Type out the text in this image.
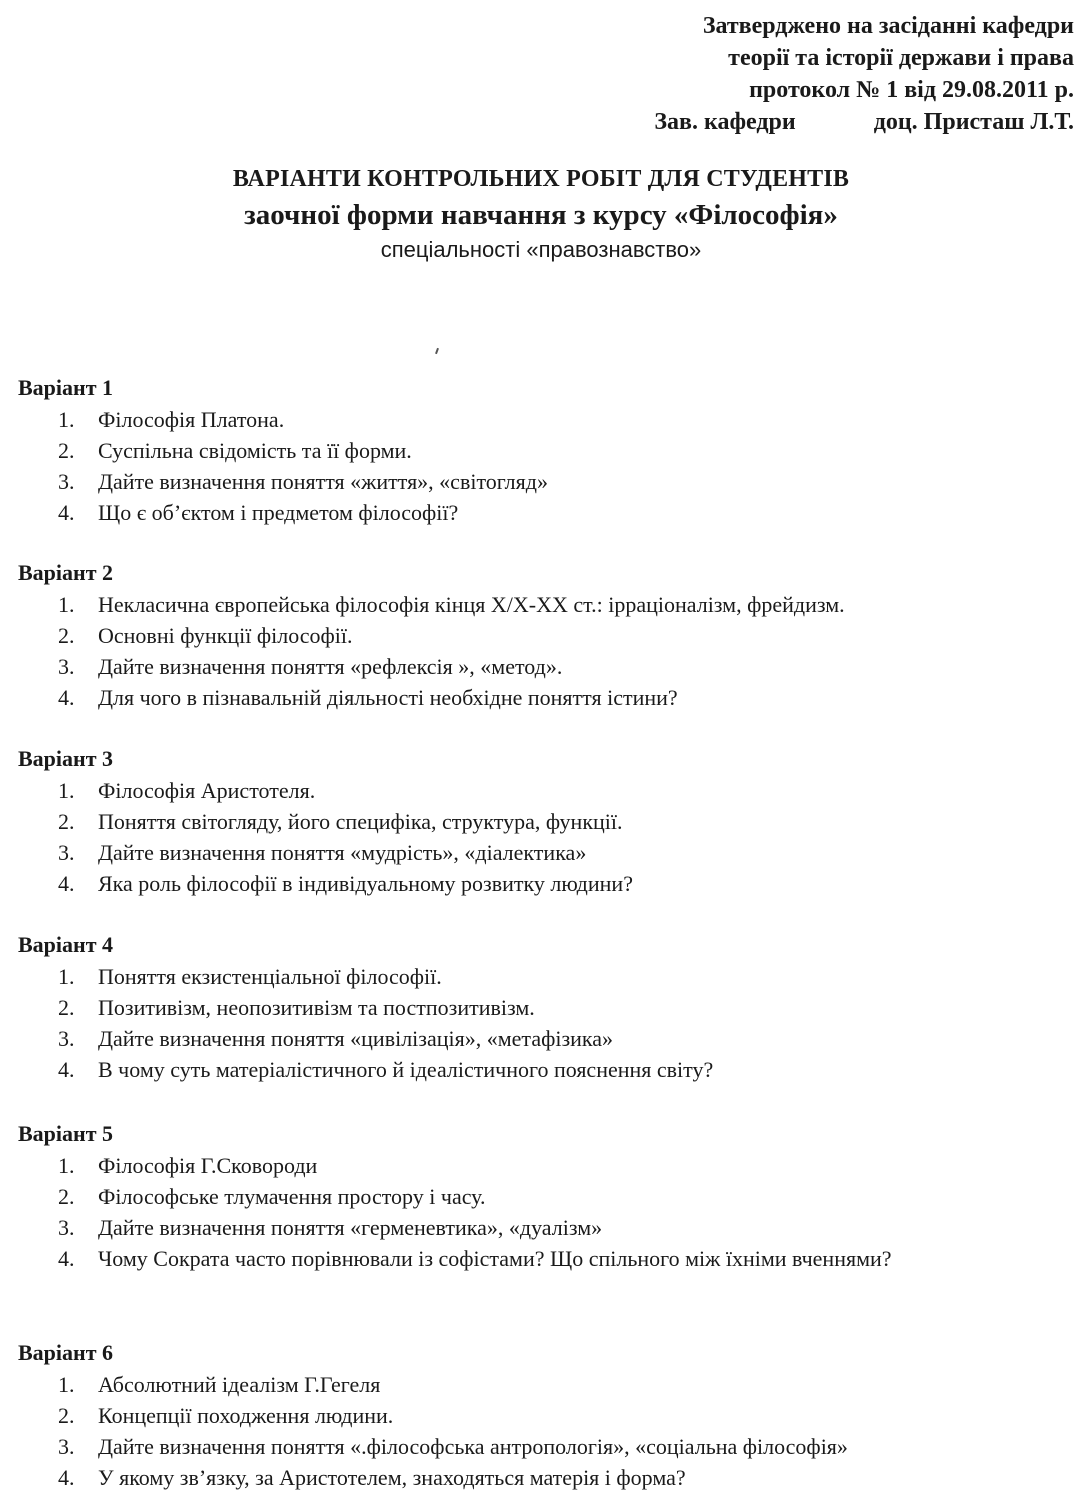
Затверджено на засіданні кафедри
теорії та історії держави і права
протокол № 1 від 29.08.2011 р.
Зав. кафедри	доц. Присташ Л.Т.
ВАРІАНТИ КОНТРОЛЬНИХ РОБІТ ДЛЯ СТУДЕНТІВ
заочної форми навчання з курсу «Філософія»
спеціальності «правознавство»
Варіант 1
1. Філософія Платона.
2. Суспільна свідомість та її форми.
3. Дайте визначення поняття «життя», «світогляд»
4. Що є об’єктом і предметом філософії?
Варіант 2
1. Некласична європейська філософія кінця Х/Х-ХХ ст.: ірраціоналізм, фрейдизм.
2. Основні функції філософії.
3. Дайте визначення поняття «рефлексія », «метод».
4. Для чого в пізнавальній діяльності необхідне поняття істини?
Варіант 3
1. Філософія Аристотеля.
2. Поняття світогляду, його специфіка, структура, функції.
3. Дайте визначення поняття «мудрість», «діалектика»
4. Яка роль філософії в індивідуальному розвитку людини?
Варіант 4
1. Поняття екзистенціальної філософії.
2. Позитивізм, неопозитивізм та постпозитивізм.
3. Дайте визначення поняття «цивілізація», «метафізика»
4. В чому суть матеріалістичного й ідеалістичного пояснення світу?
Варіант 5
1. Філософія Г.Сковороди
2. Філософське тлумачення простору і часу.
3. Дайте визначення поняття «герменевтика», «дуалізм»
4. Чому Сократа часто порівнювали із софістами? Що спільного між їхніми вченнями?
Варіант 6
1. Абсолютний ідеалізм Г.Гегеля
2. Концепції походження людини.
3. Дайте визначення поняття «.філософська антропологія», «соціальна філософія»
4. У якому зв’язку, за Аристотелем, знаходяться матерія і форма?
